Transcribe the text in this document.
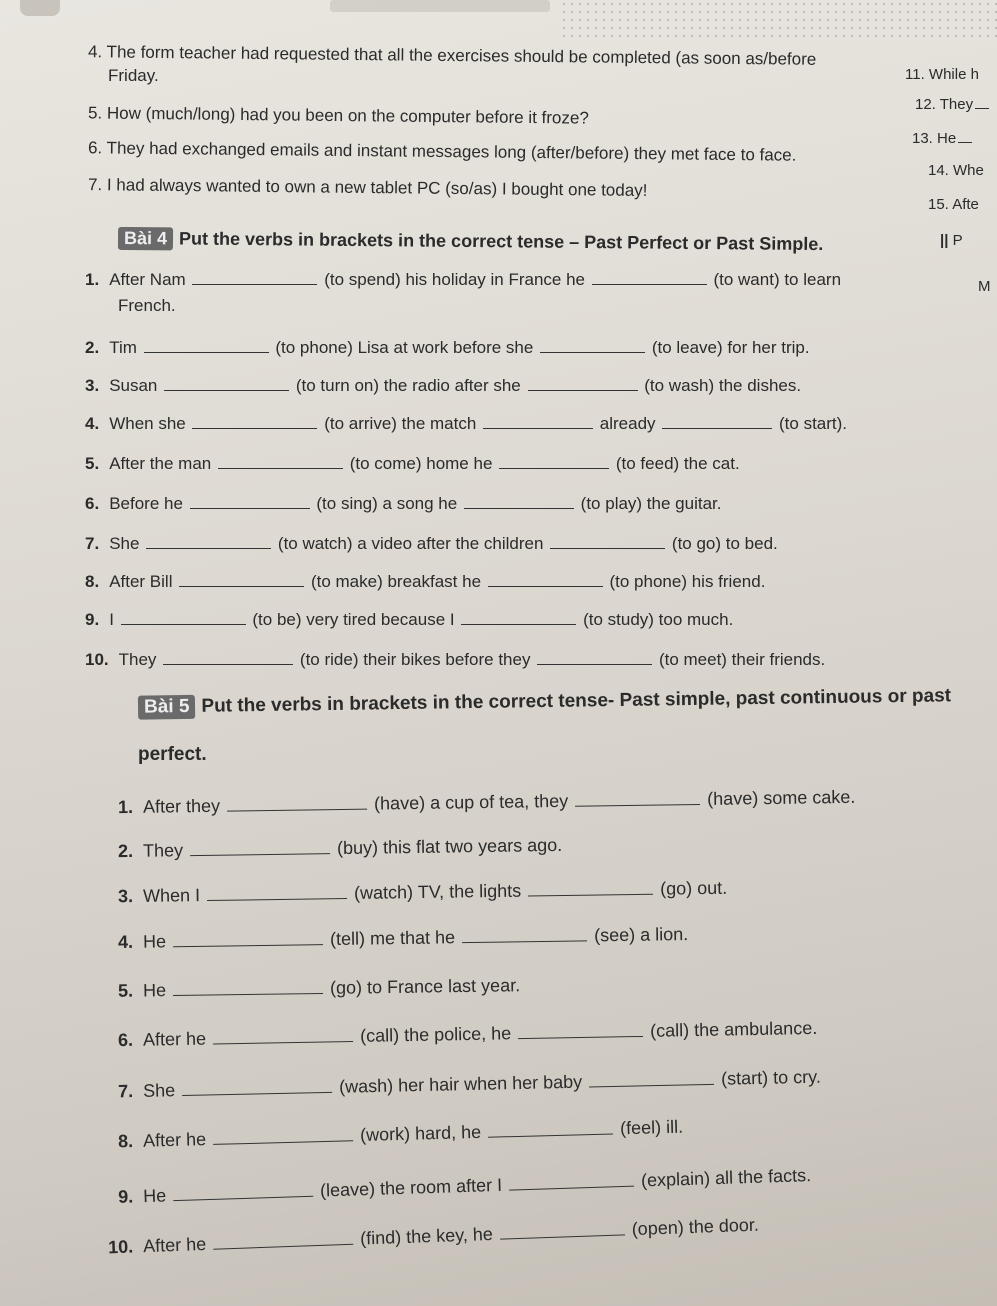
4. The form teacher had requested that all the exercises should be completed (as soon as/before
Friday.
5. How (much/long) had you been on the computer before it froze?
6. They had exchanged emails and instant messages long (after/before) they met face to face.
7. I had always wanted to own a new tablet PC (so/as) I bought one today!
11. While h
12. They
13. He
14. Whe
15. Afte
|| P
M
Bài 4 Put the verbs in brackets in the correct tense – Past Perfect or Past Simple.
1. After Nam	(to spend) his holiday in France he	(to want) to learn
French.
2. Tim	(to phone) Lisa at work before she	(to leave) for her trip.
3. Susan	(to turn on) the radio after she	(to wash) the dishes.
4. When she	(to arrive) the match	already	(to start).
5. After the man	(to come) home he	(to feed) the cat.
6. Before he	(to sing) a song he	(to play) the guitar.
7. She	(to watch) a video after the children	(to go) to bed.
8. After Bill	(to make) breakfast he	(to phone) his friend.
9. I	(to be) very tired because I	(to study) too much.
10. They	(to ride) their bikes before they	(to meet) their friends.
Bài 5 Put the verbs in brackets in the correct tense- Past simple, past continuous or past
perfect.
1. After they	(have) a cup of tea, they	(have) some cake.
2. They	(buy) this flat two years ago.
3. When I	(watch) TV, the lights	(go) out.
4. He	(tell) me that he	(see) a lion.
5. He	(go) to France last year.
6. After he	(call) the police, he	(call) the ambulance.
7. She	(wash) her hair when her baby	(start) to cry.
8. After he	(work) hard, he	(feel) ill.
9. He	(leave) the room after I	(explain) all the facts.
10. After he	(find) the key, he	(open) the door.
